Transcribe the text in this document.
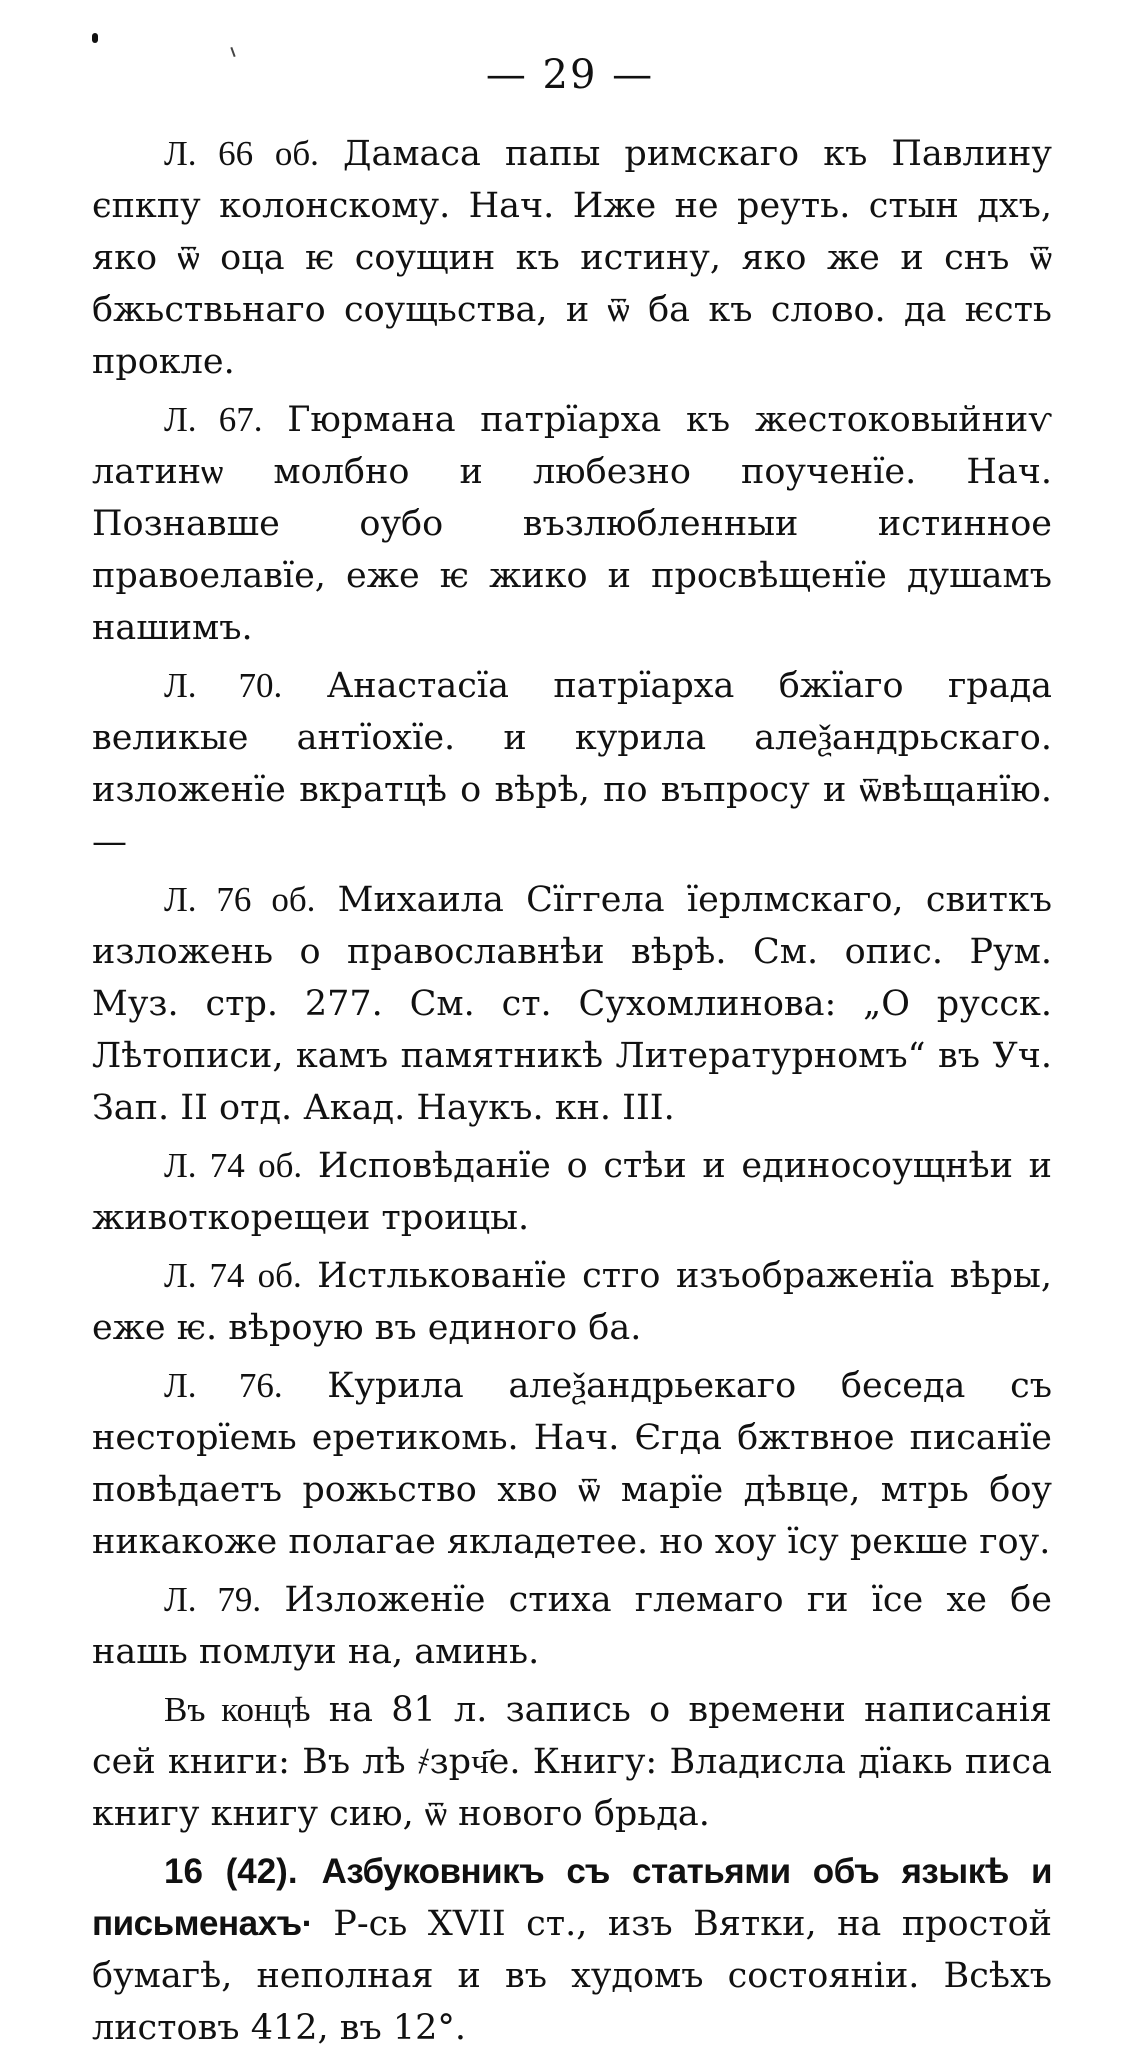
— 29 —

Л. 66 об. Дамаса папы римскаго къ Павлину єпкпу колонскому. Нач. Иже не реуть. стын дхъ, яко ѿ оца ѥ соущин къ истину, яко же и снъ ѿ бжьствьнаго соущьства, и ѿ ба къ слово. да ѥсть прокле.

Л. 67. Гюрмана патрїарха къ жестоковыйниѵ латинѡ молбно и любезно поученїе. Нач. Познавше оубо възлюбленныи истинное правоелавїе, еже ѥ жико и просвѣщенїе душамъ нашимъ.

Л. 70. Анастасїа патрїарха бжїаго града великые антїохїе. и курила алеѯандрьскаго. изложенїе вкратцѣ о вѣрѣ, по въпросу и ѿвѣщанїю.—

Л. 76 об. Михаила Сїггела їерлмскаго, свиткъ изложень о православнѣи вѣрѣ. См. опис. Рум. Муз. стр. 277. См. ст. Сухомлинова: „О русск. Лѣтописи, камъ памятникѣ Литературномъ“ въ Уч. Зап. II отд. Акад. Наукъ. кн. III.

Л. 74 об. Исповѣданїе о стѣи и единосоущнѣи и животкорещеи троицы.

Л. 74 об. Истлькованїе стго изъображенїа вѣры, еже ѥ. вѣроую въ единого ба.

Л. 76. Курила алеѯандрьекаго беседа съ несторїемь еретикомь. Нач. Єгда бжтвное писанїе повѣдаетъ рожьство хво ѿ марїе дѣвце, мтрь боу никакоже полагае якладетее. но хоу їсу рекше гоу.

Л. 79. Изложенїе стиха глемаго ги їсе хе бе нашь помлуи на, аминь.

Въ концѣ на 81 л. запись о времени написанія сей книги: Въ лѣ ҂зрч҃е. Книгу: Владисла дїакь писа книгу книгу сию, ѿ нового брьда.

16 (42). Азбуковникъ съ статьями объ языкѣ и письменахъ· Р-сь XVII ст., изъ Вятки, на простой бумагѣ, неполная и въ худомъ состояніи. Всѣхъ листовъ 412, въ 12°.
